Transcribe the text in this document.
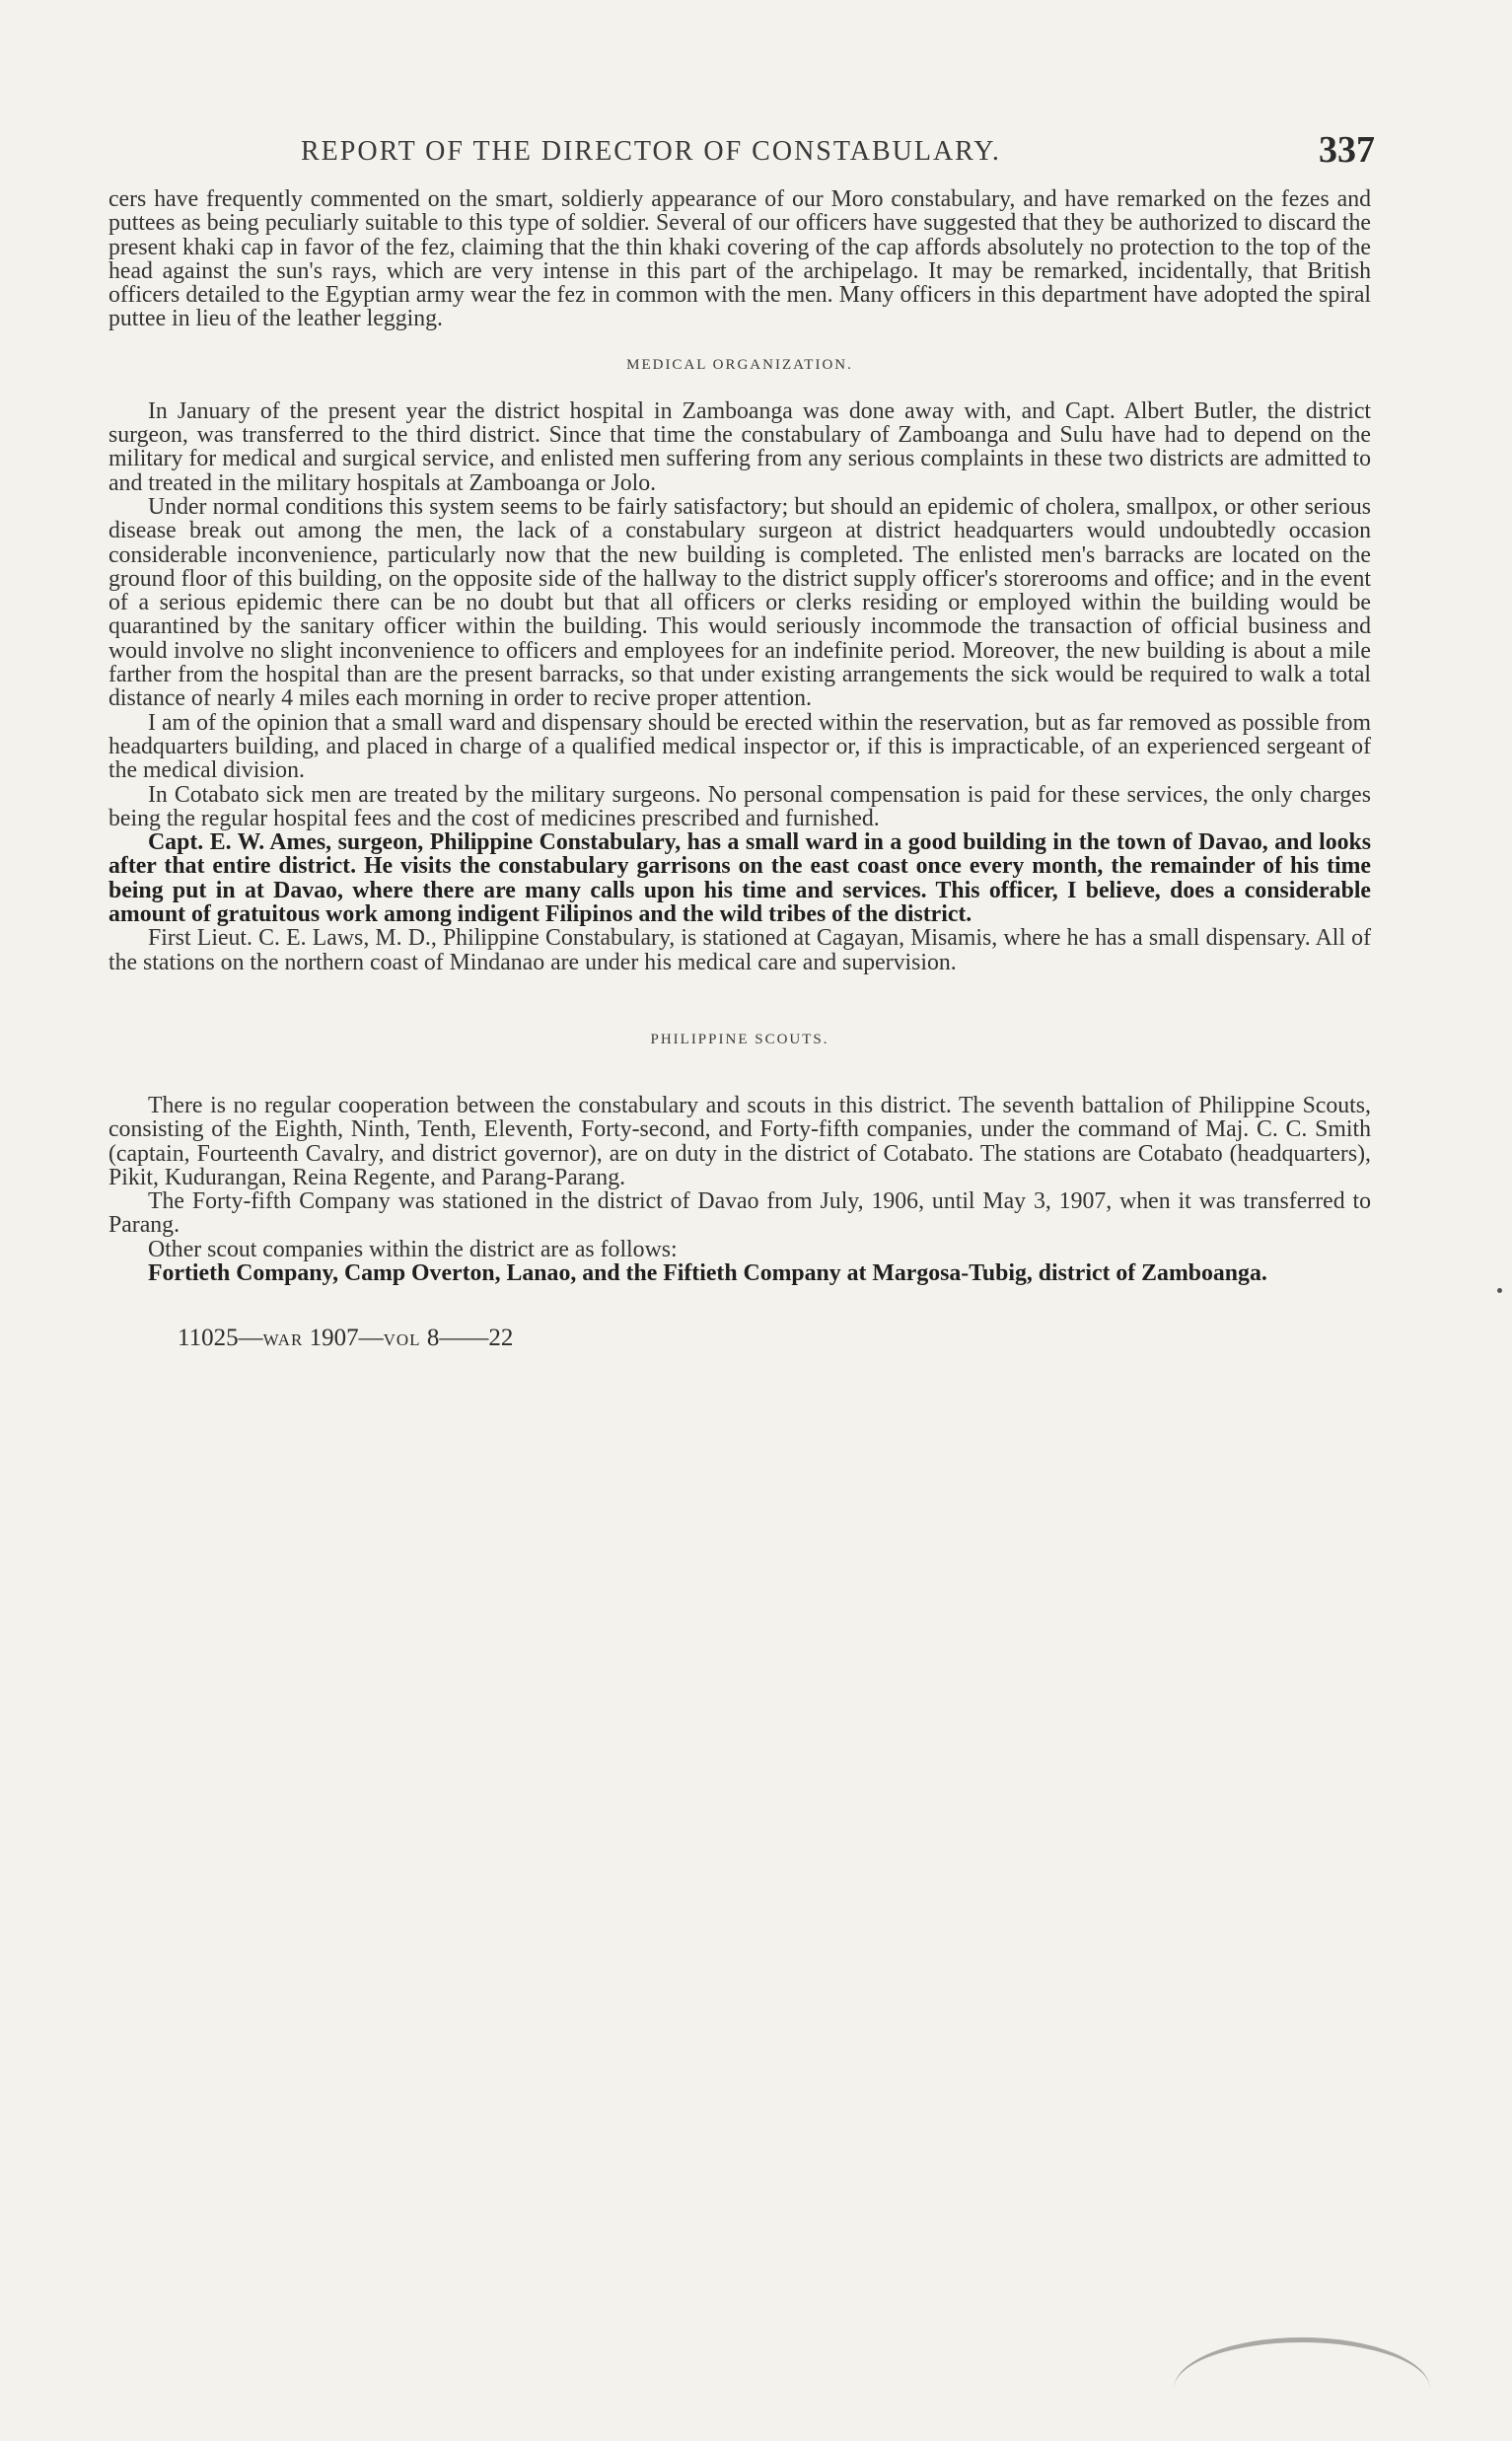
REPORT OF THE DIRECTOR OF CONSTABULARY.	337

cers have frequently commented on the smart, soldierly appearance of our Moro constabulary, and have remarked on the fezes and puttees as being peculiarly suitable to this type of soldier. Several of our officers have suggested that they be authorized to discard the present khaki cap in favor of the fez, claiming that the thin khaki covering of the cap affords absolutely no protection to the top of the head against the sun's rays, which are very intense in this part of the archipelago. It may be remarked, incidentally, that British officers detailed to the Egyptian army wear the fez in common with the men. Many officers in this department have adopted the spiral puttee in lieu of the leather legging.

MEDICAL ORGANIZATION.

In January of the present year the district hospital in Zamboanga was done away with, and Capt. Albert Butler, the district surgeon, was transferred to the third district. Since that time the constabulary of Zamboanga and Sulu have had to depend on the military for medical and surgical service, and enlisted men suffering from any serious complaints in these two districts are admitted to and treated in the military hospitals at Zamboanga or Jolo.

Under normal conditions this system seems to be fairly satisfactory; but should an epidemic of cholera, smallpox, or other serious disease break out among the men, the lack of a constabulary surgeon at district headquarters would undoubtedly occasion considerable inconvenience, particularly now that the new building is completed. The enlisted men's barracks are located on the ground floor of this building, on the opposite side of the hallway to the district supply officer's storerooms and office; and in the event of a serious epidemic there can be no doubt but that all officers or clerks residing or employed within the building would be quarantined by the sanitary officer within the building. This would seriously incommode the transaction of official business and would involve no slight inconvenience to officers and employees for an indefinite period. Moreover, the new building is about a mile farther from the hospital than are the present barracks, so that under existing arrangements the sick would be required to walk a total distance of nearly 4 miles each morning in order to recive proper attention.

I am of the opinion that a small ward and dispensary should be erected within the reservation, but as far removed as possible from headquarters building, and placed in charge of a qualified medical inspector or, if this is impracticable, of an experienced sergeant of the medical division.

In Cotabato sick men are treated by the military surgeons. No personal compensation is paid for these services, the only charges being the regular hospital fees and the cost of medicines prescribed and furnished.

Capt. E. W. Ames, surgeon, Philippine Constabulary, has a small ward in a good building in the town of Davao, and looks after that entire district. He visits the constabulary garrisons on the east coast once every month, the remainder of his time being put in at Davao, where there are many calls upon his time and services. This officer, I believe, does a considerable amount of gratuitous work among indigent Filipinos and the wild tribes of the district.

First Lieut. C. E. Laws, M. D., Philippine Constabulary, is stationed at Cagayan, Misamis, where he has a small dispensary. All of the stations on the northern coast of Mindanao are under his medical care and supervision.

PHILIPPINE SCOUTS.

There is no regular cooperation between the constabulary and scouts in this district. The seventh battalion of Philippine Scouts, consisting of the Eighth, Ninth, Tenth, Eleventh, Forty-second, and Forty-fifth companies, under the command of Maj. C. C. Smith (captain, Fourteenth Cavalry, and district governor), are on duty in the district of Cotabato. The stations are Cotabato (headquarters), Pikit, Kudurangan, Reina Regente, and Parang-Parang.

The Forty-fifth Company was stationed in the district of Davao from July, 1906, until May 3, 1907, when it was transferred to Parang.

Other scout companies within the district are as follows:

Fortieth Company, Camp Overton, Lanao, and the Fiftieth Company at Margosa-Tubig, district of Zamboanga.

11025—WAR 1907—VOL 8——22
